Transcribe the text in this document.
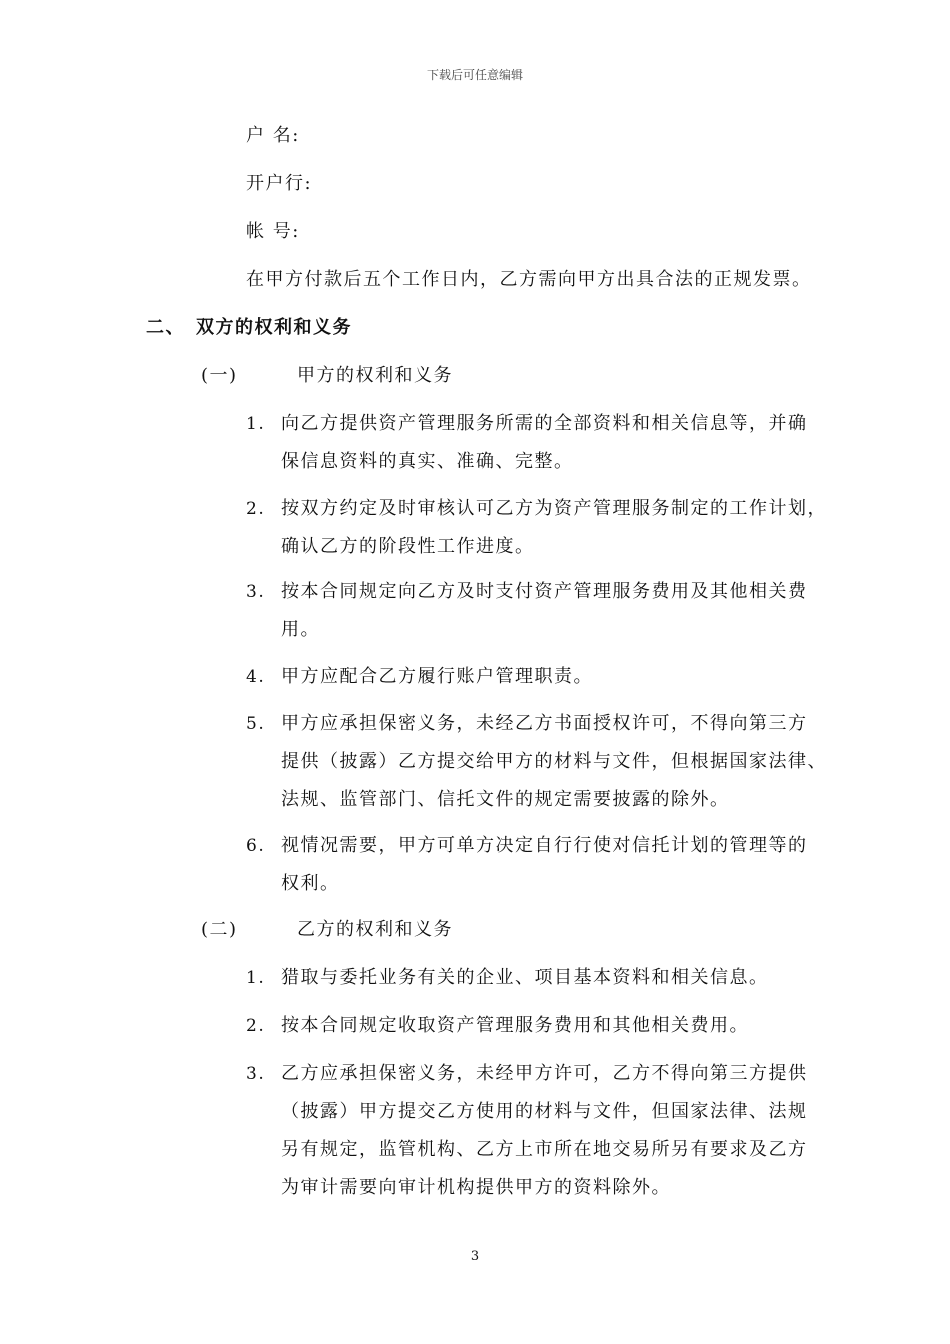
下载后可任意编辑
户 名:
开户行:
帐 号:
在甲方付款后五个工作日内，乙方需向甲方出具合法的正规发票。
二、 双方的权利和义务
(一)	甲方的权利和义务
1. 向乙方提供资产管理服务所需的全部资料和相关信息等，并确
保信息资料的真实、准确、完整。
2. 按双方约定及时审核认可乙方为资产管理服务制定的工作计划，
确认乙方的阶段性工作进度。
3. 按本合同规定向乙方及时支付资产管理服务费用及其他相关费
用。
4. 甲方应配合乙方履行账户管理职责。
5. 甲方应承担保密义务，未经乙方书面授权许可，不得向第三方
提供（披露）乙方提交给甲方的材料与文件，但根据国家法律、
法规、监管部门、信托文件的规定需要披露的除外。
6. 视情况需要，甲方可单方决定自行行使对信托计划的管理等的
权利。
(二)	乙方的权利和义务
1. 猎取与委托业务有关的企业、项目基本资料和相关信息。
2. 按本合同规定收取资产管理服务费用和其他相关费用。
3. 乙方应承担保密义务，未经甲方许可，乙方不得向第三方提供
（披露）甲方提交乙方使用的材料与文件，但国家法律、法规
另有规定，监管机构、乙方上市所在地交易所另有要求及乙方
为审计需要向审计机构提供甲方的资料除外。
3
